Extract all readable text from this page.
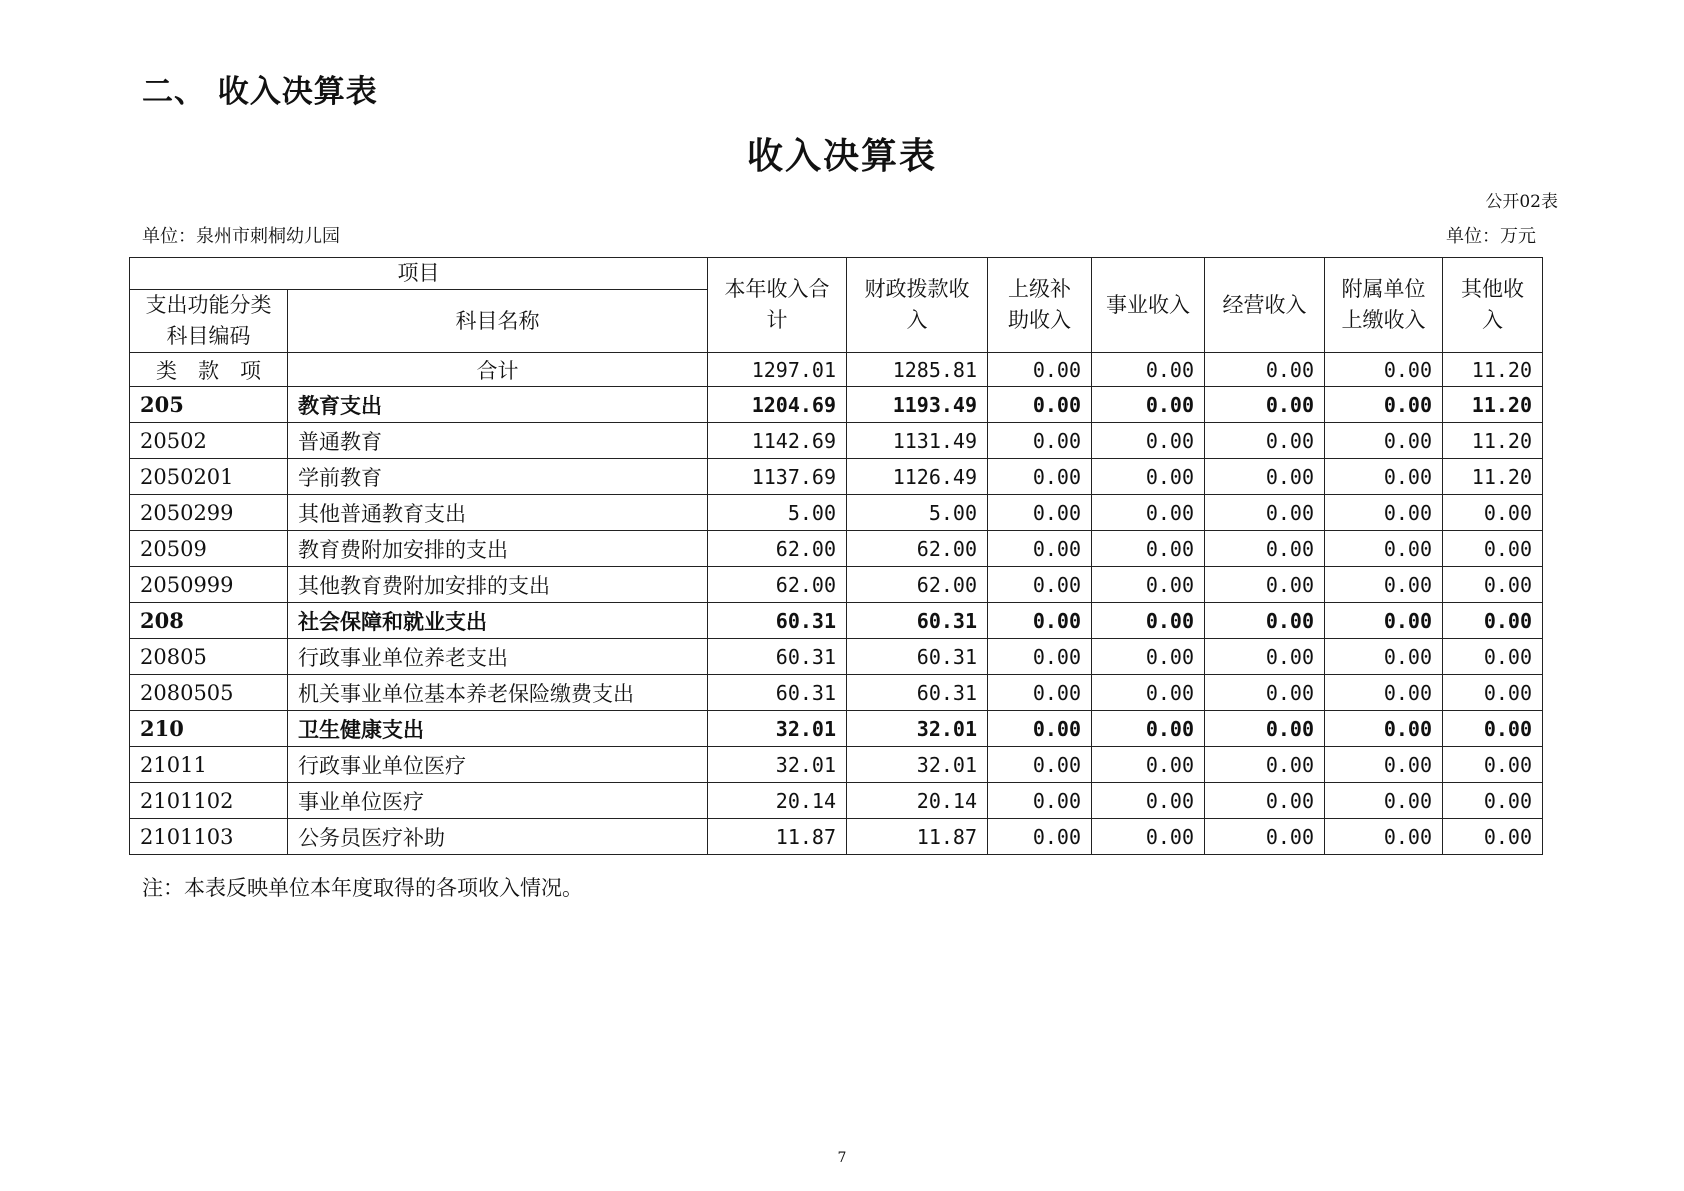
二、 收入决算表
收入决算表
公开02表
单位：泉州市刺桐幼儿园	单位：万元
项目		本年收入合计	财政拨款收入	上级补助收入	事业收入	经营收入	附属单位上缴收入	其他收入
支出功能分类科目编码	科目名称							
类　款　项	合计	1297.01	1285.81	0.00	0.00	0.00	0.00	11.20
205	教育支出	1204.69	1193.49	0.00	0.00	0.00	0.00	11.20
20502	普通教育	1142.69	1131.49	0.00	0.00	0.00	0.00	11.20
2050201	学前教育	1137.69	1126.49	0.00	0.00	0.00	0.00	11.20
2050299	其他普通教育支出	5.00	5.00	0.00	0.00	0.00	0.00	0.00
20509	教育费附加安排的支出	62.00	62.00	0.00	0.00	0.00	0.00	0.00
2050999	其他教育费附加安排的支出	62.00	62.00	0.00	0.00	0.00	0.00	0.00
208	社会保障和就业支出	60.31	60.31	0.00	0.00	0.00	0.00	0.00
20805	行政事业单位养老支出	60.31	60.31	0.00	0.00	0.00	0.00	0.00
2080505	机关事业单位基本养老保险缴费支出	60.31	60.31	0.00	0.00	0.00	0.00	0.00
210	卫生健康支出	32.01	32.01	0.00	0.00	0.00	0.00	0.00
21011	行政事业单位医疗	32.01	32.01	0.00	0.00	0.00	0.00	0.00
2101102	事业单位医疗	20.14	20.14	0.00	0.00	0.00	0.00	0.00
2101103	公务员医疗补助	11.87	11.87	0.00	0.00	0.00	0.00	0.00
注：本表反映单位本年度取得的各项收入情况。
7
